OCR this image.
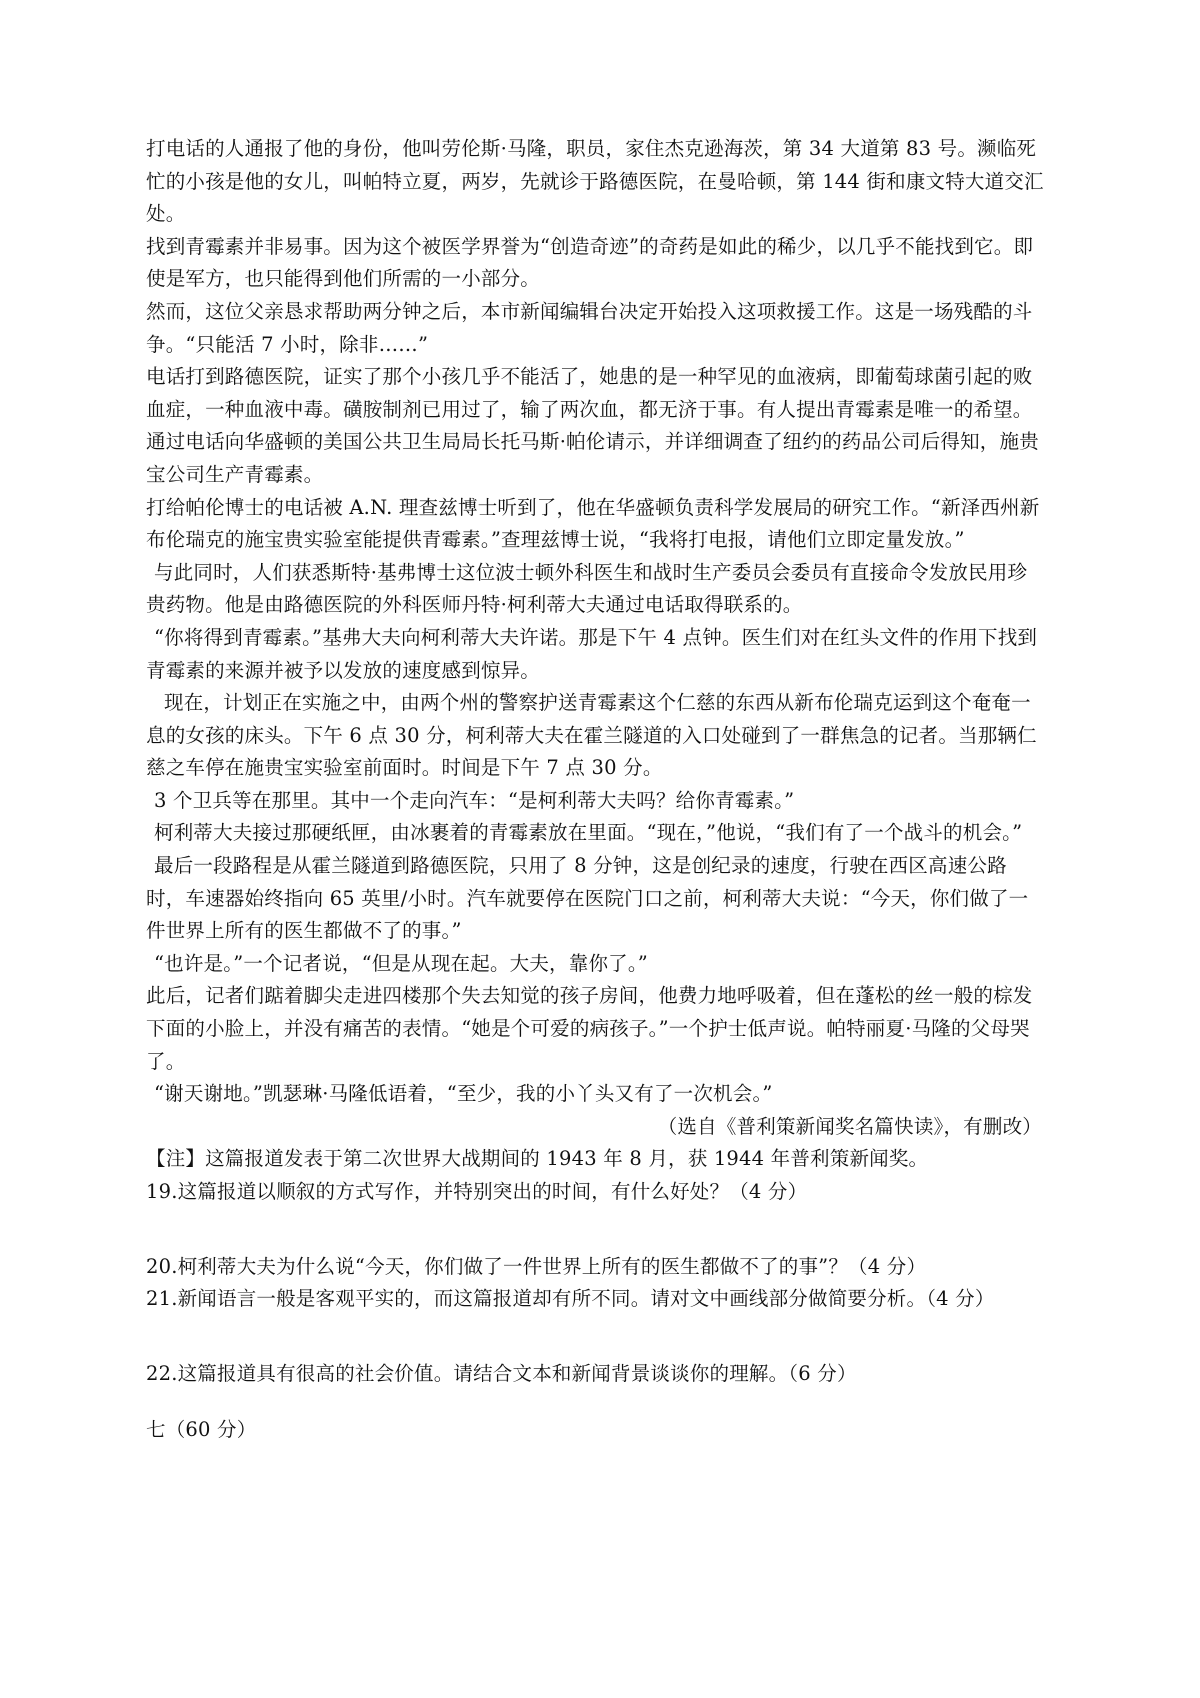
打电话的人通报了他的身份，他叫劳伦斯·马隆，职员，家住杰克逊海茨，第 34 大道第 83 号。濒临死忙的小孩是他的女儿，叫帕特立夏，两岁，先就诊于路德医院，在曼哈顿，第 144 街和康文特大道交汇处。

找到青霉素并非易事。因为这个被医学界誉为“创造奇迹”的奇药是如此的稀少，以几乎不能找到它。即使是军方，也只能得到他们所需的一小部分。

然而，这位父亲恳求帮助两分钟之后，本市新闻编辑台决定开始投入这项救援工作。这是一场残酷的斗争。“只能活 7 小时，除非……”

电话打到路德医院，证实了那个小孩几乎不能活了，她患的是一种罕见的血液病，即葡萄球菌引起的败血症，一种血液中毒。磺胺制剂已用过了，输了两次血，都无济于事。有人提出青霉素是唯一的希望。

通过电话向华盛顿的美国公共卫生局局长托马斯·帕伦请示，并详细调查了纽约的药品公司后得知，施贵宝公司生产青霉素。

打给帕伦博士的电话被 A.N. 理查兹博士听到了，他在华盛顿负责科学发展局的研究工作。“新泽西州新布伦瑞克的施宝贵实验室能提供青霉素。”查理兹博士说，“我将打电报，请他们立即定量发放。”

与此同时，人们获悉斯特·基弗博士这位波士顿外科医生和战时生产委员会委员有直接命令发放民用珍贵药物。他是由路德医院的外科医师丹特·柯利蒂大夫通过电话取得联系的。

“你将得到青霉素。”基弗大夫向柯利蒂大夫许诺。那是下午 4 点钟。医生们对在红头文件的作用下找到青霉素的来源并被予以发放的速度感到惊异。

现在，计划正在实施之中，由两个州的警察护送青霉素这个仁慈的东西从新布伦瑞克运到这个奄奄一息的女孩的床头。下午 6 点 30 分，柯利蒂大夫在霍兰隧道的入口处碰到了一群焦急的记者。当那辆仁慈之车停在施贵宝实验室前面时。时间是下午 7 点 30 分。

3 个卫兵等在那里。其中一个走向汽车：“是柯利蒂大夫吗？给你青霉素。”

柯利蒂大夫接过那硬纸匣，由冰裹着的青霉素放在里面。“现在，”他说，“我们有了一个战斗的机会。”

最后一段路程是从霍兰隧道到路德医院，只用了 8 分钟，这是创纪录的速度，行驶在西区高速公路时，车速器始终指向 65 英里/小时。汽车就要停在医院门口之前，柯利蒂大夫说：“今天，你们做了一件世界上所有的医生都做不了的事。”

“也许是。”一个记者说，“但是从现在起。大夫，靠你了。”

此后，记者们踮着脚尖走进四楼那个失去知觉的孩子房间，他费力地呼吸着，但在蓬松的丝一般的棕发下面的小脸上，并没有痛苦的表情。“她是个可爱的病孩子。”一个护士低声说。帕特丽夏·马隆的父母哭了。

“谢天谢地。”凯瑟琳·马隆低语着，“至少，我的小丫头又有了一次机会。”

（选自《普利策新闻奖名篇快读》，有删改）

【注】这篇报道发表于第二次世界大战期间的 1943 年 8 月，获 1944 年普利策新闻奖。

19.这篇报道以顺叙的方式写作，并特别突出的时间，有什么好处？（4 分）

20.柯利蒂大夫为什么说“今天，你们做了一件世界上所有的医生都做不了的事”？（4 分）

21.新闻语言一般是客观平实的，而这篇报道却有所不同。请对文中画线部分做简要分析。（4 分）

22.这篇报道具有很高的社会价值。请结合文本和新闻背景谈谈你的理解。（6 分）

七（60 分）
